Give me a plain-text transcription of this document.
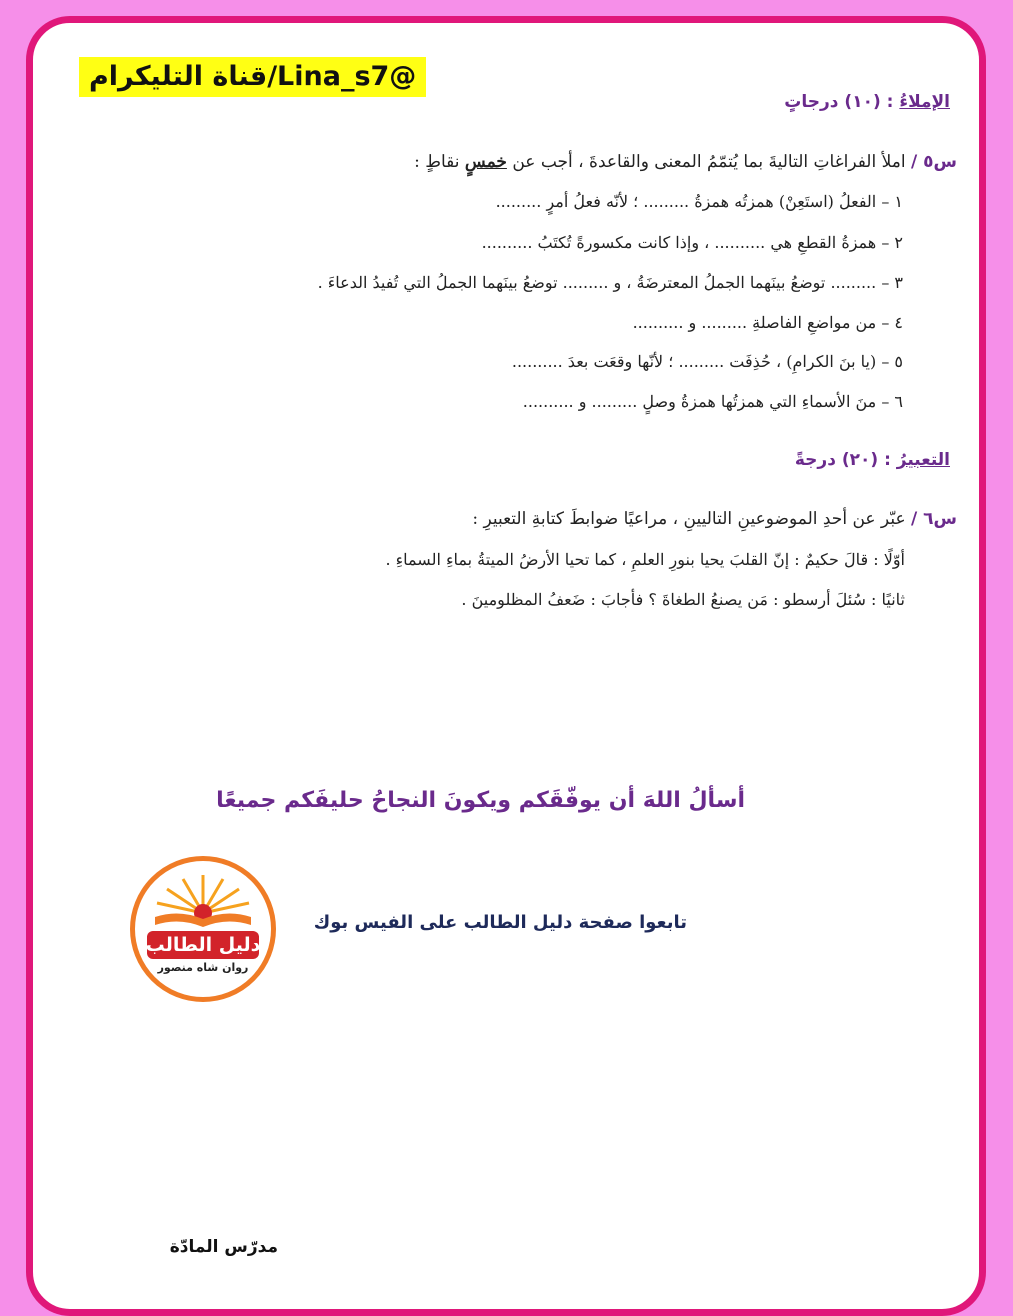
قناة التليكرام/Lina_s7@
الإملاءُ : (١٠) درجاتٍ
س٥ / املأ الفراغاتِ التاليةَ بما يُتمّمُ المعنى والقاعدةَ ، أجب عن خمسٍ نقاطٍ :
١ – الفعلُ (استَعِنْ) همزتُه همزةُ ......... ؛ لأنّه فعلُ أمرٍ .........
٢ – همزةُ القطعِ هي .......... ، وإذا كانت مكسورةً تُكتَبُ ..........
٣ – ......... توضعُ بينَهما الجملُ المعترضَةُ ، و ......... توضعُ بينَهما الجملُ التي تُفيدُ الدعاءَ .
٤ – من مواضعِ الفاصلةِ ......... و ..........
٥ – (يا بنَ الكرامِ) ، حُذِفَت ......... ؛ لأنّها وقعَت بعدَ ..........
٦ – منَ الأسماءِ التي همزتُها همزةُ وصلٍ ......... و ..........
التعبيرُ : (٢٠) درجةً
س٦ / عبّر عن أحدِ الموضوعينِ التاليينِ ، مراعيًا ضوابطَ كتابةِ التعبيرِ :
أوّلًا : قالَ حكيمٌ : إنّ القلبَ يحيا بنورِ العلمِ ، كما تحيا الأرضُ الميتةُ بماءِ السماءِ .
ثانيًا : سُئلَ أرسطو : مَن يصنعُ الطغاةَ ؟ فأجابَ : ضَعفُ المظلومينَ .
أسألُ اللهَ أن يوفّقَكم ويكونَ النجاحُ حليفَكم جميعًا
دليل الطالب
روان شاه منصور
تابعوا صفحة دليل الطالب على الفيس بوك
مدرّس المادّة
